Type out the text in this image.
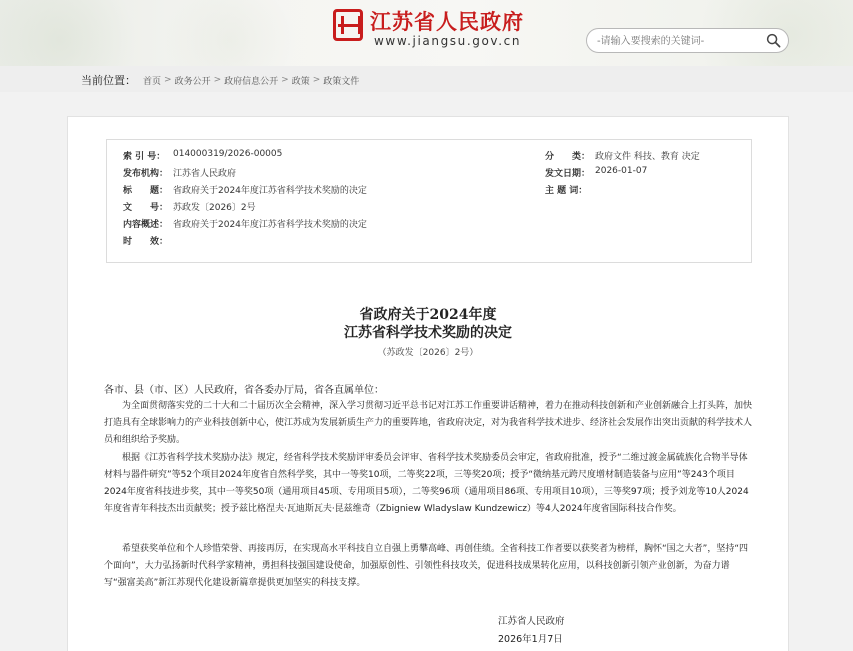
江苏省人民政府
www.jiangsu.gov.cn
-请输入要搜索的关键词-
当前位置： 首页 > 政务公开 > 政府信息公开 > 政策 > 政策文件
索 引 号： 014000319/2026-00005	分　　类： 政府文件 科技、教育 决定
发布机构： 江苏省人民政府	发文日期： 2026-01-07
标　　题： 省政府关于2024年度江苏省科学技术奖励的决定	主 题 词：
文　　号： 苏政发〔2026〕2号
内容概述： 省政府关于2024年度江苏省科学技术奖励的决定
时　　效：
省政府关于2024年度
江苏省科学技术奖励的决定
（苏政发〔2026〕2号）
各市、县（市、区）人民政府，省各委办厅局，省各直属单位：

为全面贯彻落实党的二十大和二十届历次全会精神，深入学习贯彻习近平总书记对江苏工作重要讲话精神，着力在推动科技创新和产业创新融合上打头阵，加快打造具有全球影响力的产业科技创新中心，使江苏成为发展新质生产力的重要阵地，省政府决定，对为我省科学技术进步、经济社会发展作出突出贡献的科学技术人员和组织给予奖励。

根据《江苏省科学技术奖励办法》规定，经省科学技术奖励评审委员会评审、省科学技术奖励委员会审定，省政府批准，授予“二维过渡金属硫族化合物半导体材料与器件研究”等52个项目2024年度省自然科学奖，其中一等奖10项，二等奖22项，三等奖20项；授予“微纳基元跨尺度增材制造装备与应用”等243个项目2024年度省科技进步奖，其中一等奖50项（通用项目45项、专用项目5项），二等奖96项（通用项目86项、专用项目10项），三等奖97项；授予刘龙等10人2024年度省青年科技杰出贡献奖；授予兹比格涅夫·瓦迪斯瓦夫·昆兹维奇（Zbigniew Wladyslaw Kundzewicz）等4人2024年度省国际科技合作奖。

希望获奖单位和个人珍惜荣誉、再接再厉，在实现高水平科技自立自强上勇攀高峰、再创佳绩。全省科技工作者要以获奖者为榜样，胸怀“国之大者”，坚持“四个面向”，大力弘扬新时代科学家精神，勇担科技强国建设使命，加强原创性、引领性科技攻关，促进科技成果转化应用，以科技创新引领产业创新，为奋力谱写“强富美高”新江苏现代化建设新篇章提供更加坚实的科技支撑。

江苏省人民政府
2026年1月7日
